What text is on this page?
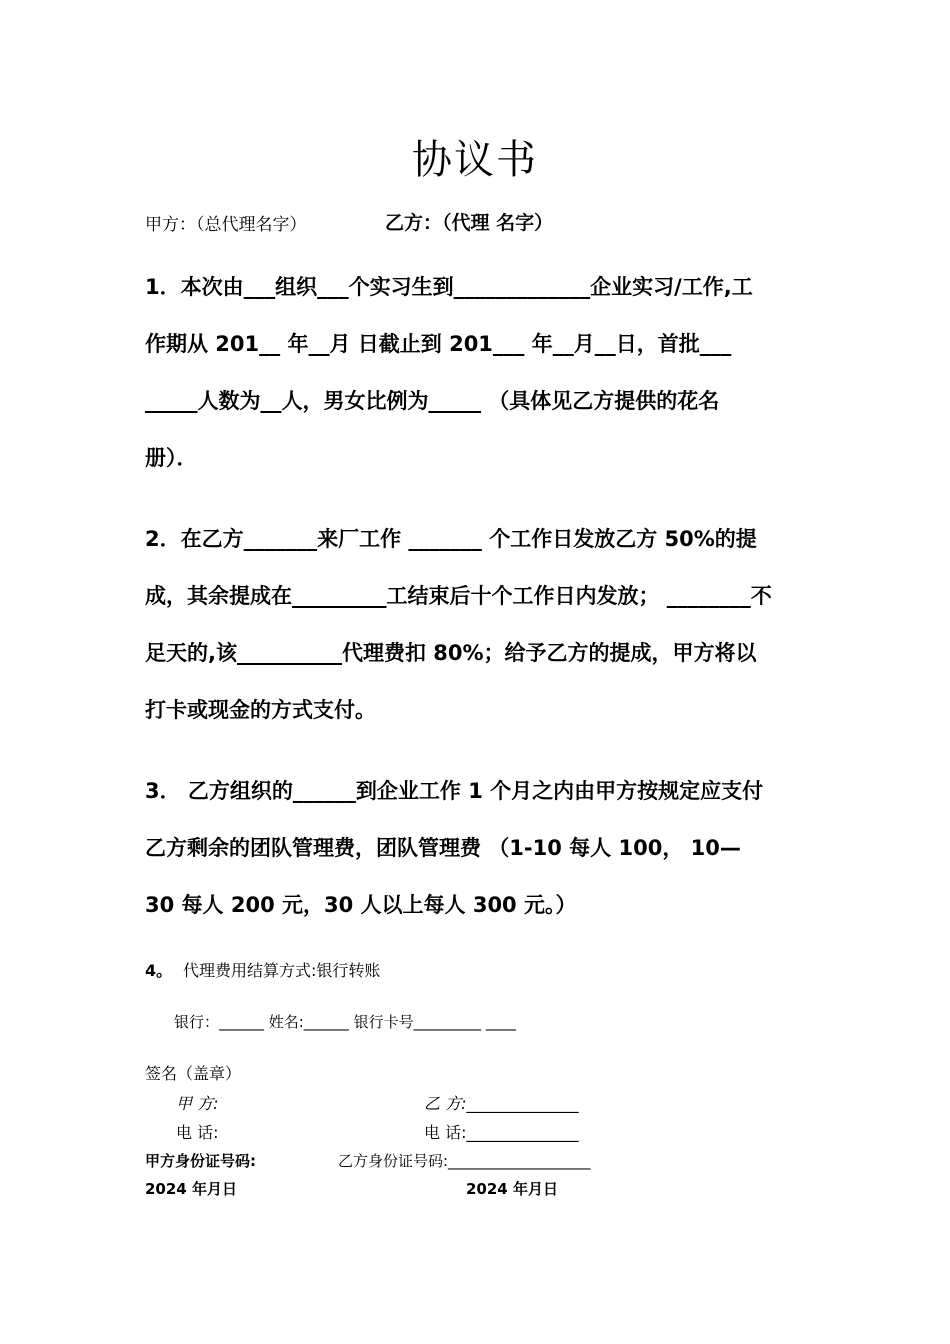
协议书
甲方：（总代理名字）	乙方：（代理 名字）
1．本次由___组织___个实习生到_____________企业实习/工作,工
作期从 201__ 年__月 日截止到 201___ 年__月__日，首批___
_____人数为__人，男女比例为_____ （具体见乙方提供的花名
册）．
2．在乙方_______来厂工作 _______ 个工作日发放乙方 50%的提
成，其余提成在_________工结束后十个工作日内发放； ________不
足天的,该__________代理费扣 80%；给予乙方的提成，甲方将以
打卡或现金的方式支付。
3． 乙方组织的______到企业工作 1 个月之内由甲方按规定应支付
乙方剩余的团队管理费，团队管理费 （1-10 每人 100， 10—
30 每人 200 元，30 人以上每人 300 元。）
4。 代理费用结算方式:银行转账
银行：______ 姓名:______ 银行卡号_________ ____
签名（盖章）
甲 方:	乙 方:______________
电 话:	电 话:______________
甲方身份证号码:	乙方身份证号码:___________________
2024 年月日	2024 年月日
